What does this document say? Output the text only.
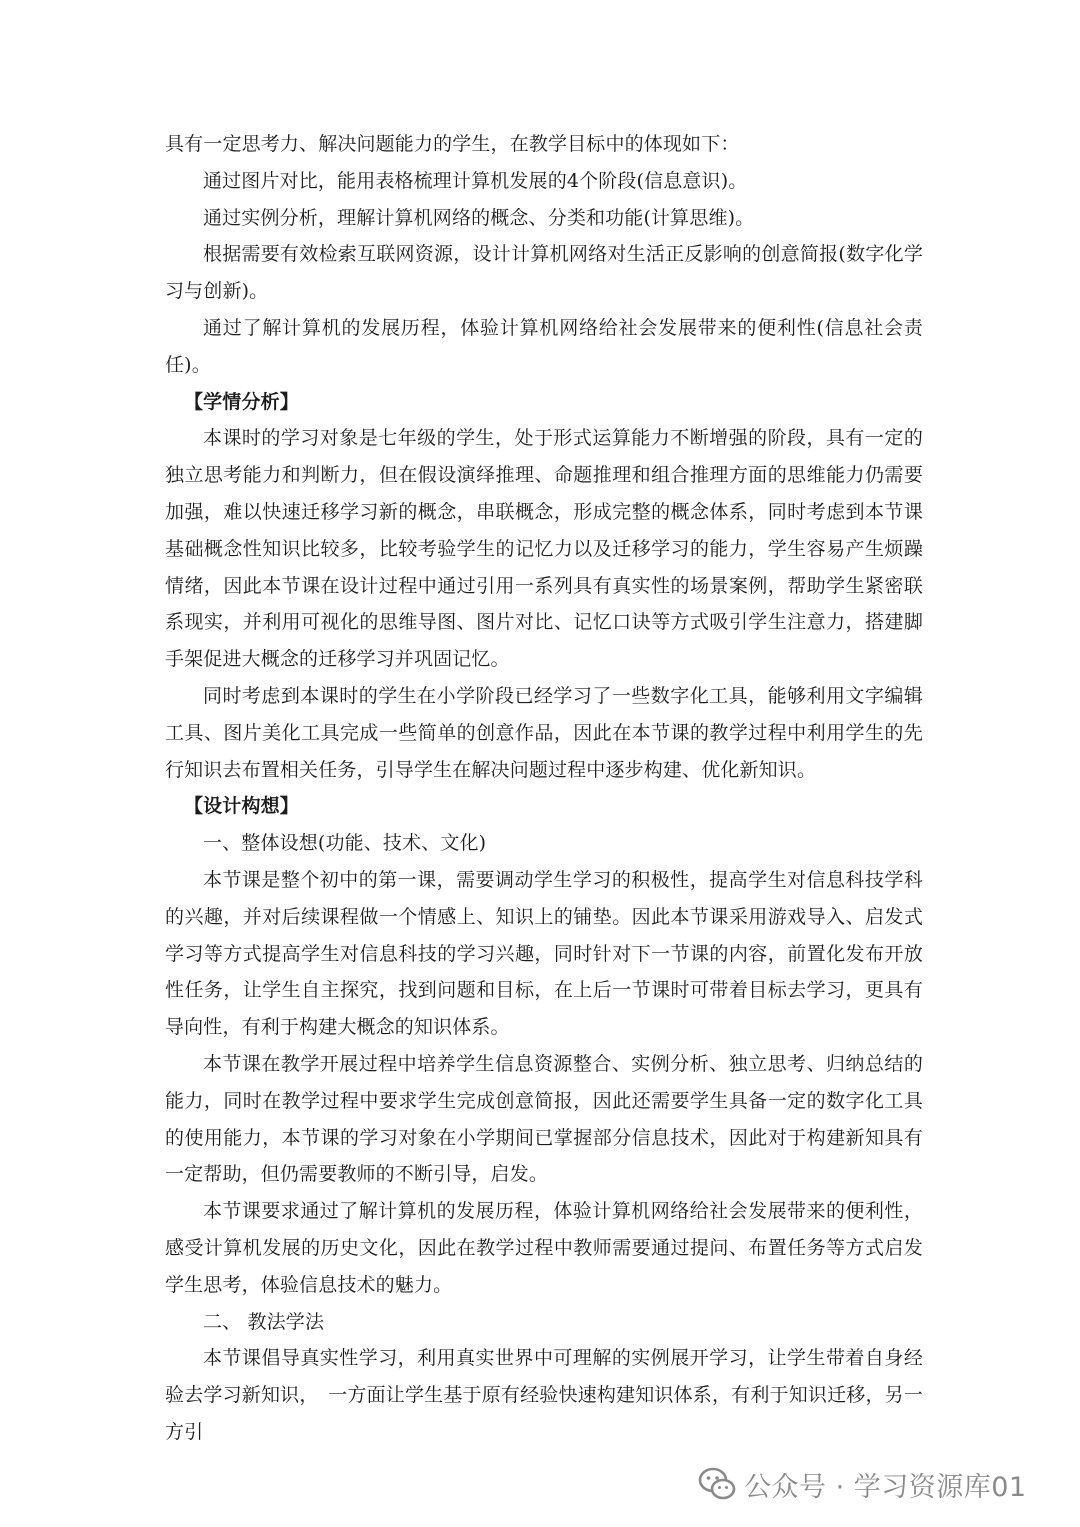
具有一定思考力、解决问题能力的学生，在教学目标中的体现如下：

通过图片对比，能用表格梳理计算机发展的4个阶段(信息意识)。

通过实例分析，理解计算机网络的概念、分类和功能(计算思维)。

根据需要有效检索互联网资源，设计计算机网络对生活正反影响的创意简报(数字化学习与创新)。

通过了解计算机的发展历程，体验计算机网络给社会发展带来的便利性(信息社会责任)。

【学情分析】

本课时的学习对象是七年级的学生，处于形式运算能力不断增强的阶段，具有一定的独立思考能力和判断力，但在假设演绎推理、命题推理和组合推理方面的思维能力仍需要加强，难以快速迁移学习新的概念，串联概念，形成完整的概念体系，同时考虑到本节课基础概念性知识比较多，比较考验学生的记忆力以及迁移学习的能力，学生容易产生烦躁情绪，因此本节课在设计过程中通过引用一系列具有真实性的场景案例，帮助学生紧密联系现实，并利用可视化的思维导图、图片对比、记忆口诀等方式吸引学生注意力，搭建脚手架促进大概念的迁移学习并巩固记忆。

同时考虑到本课时的学生在小学阶段已经学习了一些数字化工具，能够利用文字编辑工具、图片美化工具完成一些简单的创意作品，因此在本节课的教学过程中利用学生的先行知识去布置相关任务，引导学生在解决问题过程中逐步构建、优化新知识。

【设计构想】

一、整体设想(功能、技术、文化)

本节课是整个初中的第一课，需要调动学生学习的积极性，提高学生对信息科技学科的兴趣，并对后续课程做一个情感上、知识上的铺垫。因此本节课采用游戏导入、启发式学习等方式提高学生对信息科技的学习兴趣，同时针对下一节课的内容，前置化发布开放性任务，让学生自主探究，找到问题和目标，在上后一节课时可带着目标去学习，更具有导向性，有利于构建大概念的知识体系。

本节课在教学开展过程中培养学生信息资源整合、实例分析、独立思考、归纳总结的能力，同时在教学过程中要求学生完成创意简报，因此还需要学生具备一定的数字化工具的使用能力，本节课的学习对象在小学期间已掌握部分信息技术，因此对于构建新知具有一定帮助，但仍需要教师的不断引导，启发。

本节课要求通过了解计算机的发展历程，体验计算机网络给社会发展带来的便利性，感受计算机发展的历史文化，因此在教学过程中教师需要通过提问、布置任务等方式启发学生思考，体验信息技术的魅力。

二、 教法学法

本节课倡导真实性学习，利用真实世界中可理解的实例展开学习，让学生带着自身经验去学习新知识，　一方面让学生基于原有经验快速构建知识体系，有利于知识迁移，另一方引

公众号 · 学习资源库01
